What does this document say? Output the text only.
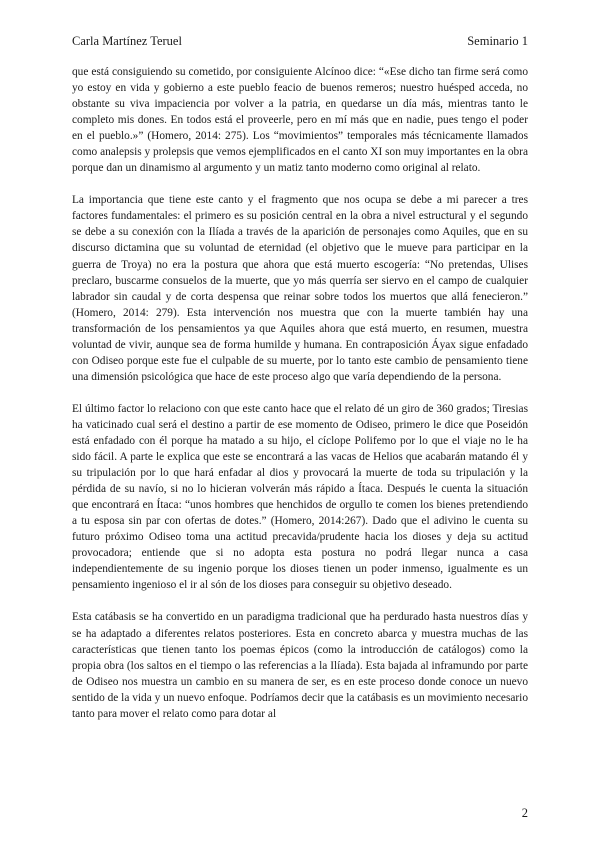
Carla Martínez Teruel	Seminario 1

que está consiguiendo su cometido, por consiguiente Alcínoo dice: “«Ese dicho tan firme será como yo estoy en vida y gobierno a este pueblo feacio de buenos remeros; nuestro huésped acceda, no obstante su viva impaciencia por volver a la patria, en quedarse un día más, mientras tanto le completo mis dones. En todos está el proveerle, pero en mí más que en nadie, pues tengo el poder en el pueblo.»” (Homero, 2014: 275). Los “movimientos” temporales más técnicamente llamados como analepsis y prolepsis que vemos ejemplificados en el canto XI son muy importantes en la obra porque dan un dinamismo al argumento y un matiz tanto moderno como original al relato.

La importancia que tiene este canto y el fragmento que nos ocupa se debe a mi parecer a tres factores fundamentales: el primero es su posición central en la obra a nivel estructural y el segundo se debe a su conexión con la Ilíada a través de la aparición de personajes como Aquiles, que en su discurso dictamina que su voluntad de eternidad (el objetivo que le mueve para participar en la guerra de Troya) no era la postura que ahora que está muerto escogería: “No pretendas, Ulises preclaro, buscarme consuelos de la muerte, que yo más querría ser siervo en el campo de cualquier labrador sin caudal y de corta despensa que reinar sobre todos los muertos que allá fenecieron.” (Homero, 2014: 279). Esta intervención nos muestra que con la muerte también hay una transformación de los pensamientos ya que Aquiles ahora que está muerto, en resumen, muestra voluntad de vivir, aunque sea de forma humilde y humana. En contraposición Áyax sigue enfadado con Odiseo porque este fue el culpable de su muerte, por lo tanto este cambio de pensamiento tiene una dimensión psicológica que hace de este proceso algo que varía dependiendo de la persona.

El último factor lo relaciono con que este canto hace que el relato dé un giro de 360 grados; Tiresias ha vaticinado cual será el destino a partir de ese momento de Odiseo, primero le dice que Poseidón está enfadado con él porque ha matado a su hijo, el cíclope Polifemo por lo que el viaje no le ha sido fácil. A parte le explica que este se encontrará a las vacas de Helios que acabarán matando él y su tripulación por lo que hará enfadar al dios y provocará la muerte de toda su tripulación y la pérdida de su navío, si no lo hicieran volverán más rápido a Ítaca. Después le cuenta la situación que encontrará en Ítaca: “unos hombres que henchidos de orgullo te comen los bienes pretendiendo a tu esposa sin par con ofertas de dotes.” (Homero, 2014:267). Dado que el adivino le cuenta su futuro próximo Odiseo toma una actitud precavida/prudente hacia los dioses y deja su actitud provocadora; entiende que si no adopta esta postura no podrá llegar nunca a casa independientemente de su ingenio porque los dioses tienen un poder inmenso, igualmente es un pensamiento ingenioso el ir al són de los dioses para conseguir su objetivo deseado.

Esta catábasis se ha convertido en un paradigma tradicional que ha perdurado hasta nuestros días y se ha adaptado a diferentes relatos posteriores. Esta en concreto abarca y muestra muchas de las características que tienen tanto los poemas épicos (como la introducción de catálogos) como la propia obra (los saltos en el tiempo o las referencias a la Ilíada). Esta bajada al inframundo por parte de Odiseo nos muestra un cambio en su manera de ser, es en este proceso donde conoce un nuevo sentido de la vida y un nuevo enfoque. Podríamos decir que la catábasis es un movimiento necesario tanto para mover el relato como para dotar al

2
